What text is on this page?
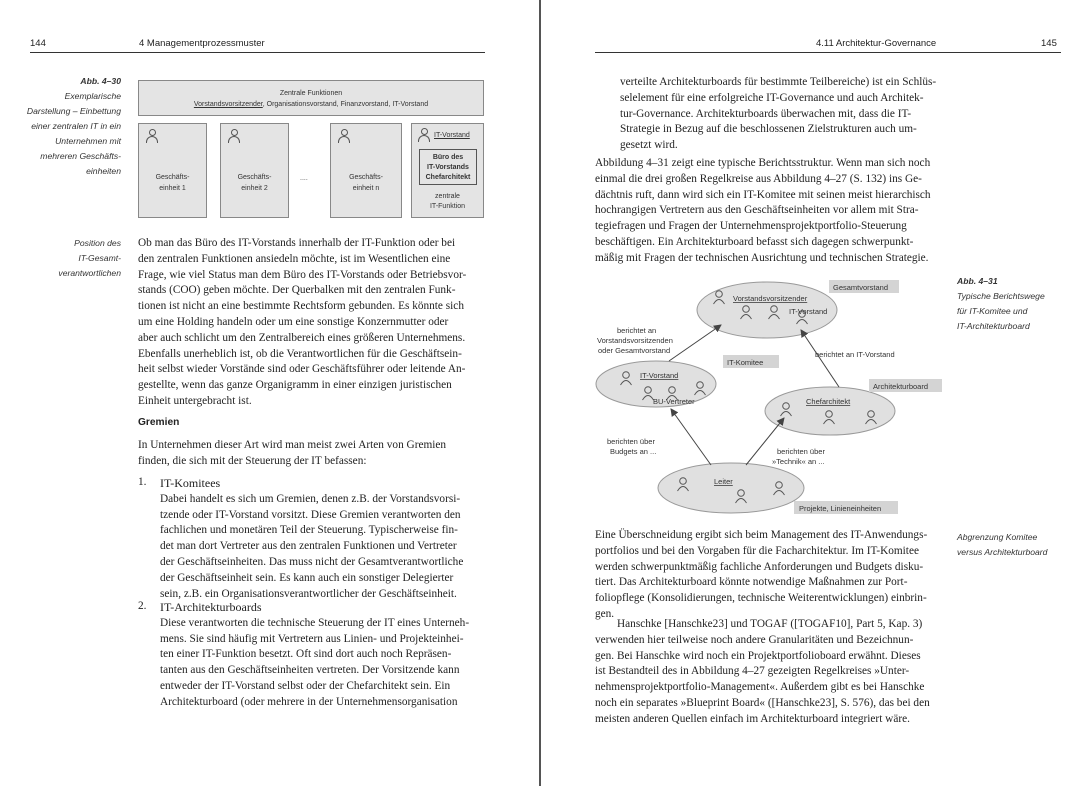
144	4 Managementprozessmuster
Abb. 4–30
Exemplarische
Darstellung – Einbettung
einer zentralen IT in ein
Unternehmen mit
mehreren Geschäfts-
einheiten
Zentrale Funktionen
Vorstandsvorsitzender, Organisationsvorstand, Finanzvorstand, IT-Vorstand
Geschäfts-
einheit 1
Geschäfts-
einheit 2
....	Geschäfts-
einheit n
IT-Vorstand
Büro des
IT-Vorstands
Chefarchitekt
zentrale
IT-Funktion
Position des
IT-Gesamt-
verantwortlichen
Ob man das Büro des IT-Vorstands innerhalb der IT-Funktion oder bei
den zentralen Funktionen ansiedeln möchte, ist im Wesentlichen eine
Frage, wie viel Status man dem Büro des IT-Vorstands oder Betriebsvor-
stands (COO) geben möchte. Der Querbalken mit den zentralen Funk-
tionen ist nicht an eine bestimmte Rechtsform gebunden. Es könnte sich
um eine Holding handeln oder um eine sonstige Konzernmutter oder
aber auch schlicht um den Zentralbereich eines größeren Unternehmens.
Ebenfalls unerheblich ist, ob die Verantwortlichen für die Geschäftsein-
heit selbst wieder Vorstände sind oder Geschäftsführer oder leitende An-
gestellte, wenn das ganze Organigramm in einer einzigen juristischen
Einheit untergebracht ist.
Gremien
In Unternehmen dieser Art wird man meist zwei Arten von Gremien
finden, die sich mit der Steuerung der IT befassen:
1. IT-Komitees
Dabei handelt es sich um Gremien, denen z.B. der Vorstandsvorsi-
tzende oder IT-Vorstand vorsitzt. Diese Gremien verantworten den
fachlichen und monetären Teil der Steuerung. Typischerweise fin-
det man dort Vertreter aus den zentralen Funktionen und Vertreter
der Geschäftseinheiten. Das muss nicht der Gesamtverantwortliche
der Geschäftseinheit sein. Es kann auch ein sonstiger Delegierter
sein, z.B. ein Organisationsverantwortlicher der Geschäftseinheit.
2. IT-Architekturboards
Diese verantworten die technische Steuerung der IT eines Unterneh-
mens. Sie sind häufig mit Vertretern aus Linien- und Projekteinhei-
ten einer IT-Funktion besetzt. Oft sind dort auch noch Repräsen-
tanten aus den Geschäftseinheiten vertreten. Der Vorsitzende kann
entweder der IT-Vorstand selbst oder der Chefarchitekt sein. Ein
Architekturboard (oder mehrere in der Unternehmensorganisation
4.11 Architektur-Governance	145
verteilte Architekturboards für bestimmte Teilbereiche) ist ein Schlüs-
selelement für eine erfolgreiche IT-Governance und auch Architek-
tur-Governance. Architekturboards überwachen mit, dass die IT-
Strategie in Bezug auf die beschlossenen Zielstrukturen auch um-
gesetzt wird.
Abbildung 4–31 zeigt eine typische Berichtsstruktur. Wenn man sich noch
einmal die drei großen Regelkreise aus Abbildung 4–27 (S. 132) ins Ge-
dächtnis ruft, dann wird sich ein IT-Komitee mit seinen meist hierarchisch
hochrangigen Vertretern aus den Geschäftseinheiten vor allem mit Stra-
tegiefragen und Fragen der Unternehmensprojektportfolio-Steuerung
beschäftigen. Ein Architekturboard befasst sich dagegen schwerpunkt-
mäßig mit Fragen der technischen Ausrichtung und technischen Strategie.
Abb. 4–31
Typische Berichtswege
für IT-Komitee und
IT-Architekturboard
Gesamtvorstand
Vorstandsvorsitzender
IT-Vorstand
IT-Komitee
IT-Vorstand
BU-Vertreter
Architekturboard
Chefarchitekt
Leiter
Projekte, Linieneinheiten
berichtet an
Vorstandsvorsitzenden
oder Gesamtvorstand	berichtet an IT-Vorstand
berichten über
Budgets an ...	berichten über
»Technik« an ...
Abgrenzung Komitee
versus Architekturboard
Eine Überschneidung ergibt sich beim Management des IT-Anwendungs-
portfolios und bei den Vorgaben für die Facharchitektur. Im IT-Komitee
werden schwerpunktmäßig fachliche Anforderungen und Budgets disku-
tiert. Das Architekturboard könnte notwendige Maßnahmen zur Port-
foliopflege (Konsolidierungen, technische Weiterentwicklungen) einbrin-
gen.
Hanschke [Hanschke23] und TOGAF ([TOGAF10], Part 5, Kap. 3)
verwenden hier teilweise noch andere Granularitäten und Bezeichnun-
gen. Bei Hanschke wird noch ein Projektportfolioboard erwähnt. Dieses
ist Bestandteil des in Abbildung 4–27 gezeigten Regelkreises »Unter-
nehmensprojektportfolio-Management«. Außerdem gibt es bei Hanschke
noch ein separates »Blueprint Board« ([Hanschke23], S. 576), das bei den
meisten anderen Quellen einfach im Architekturboard integriert wäre.
